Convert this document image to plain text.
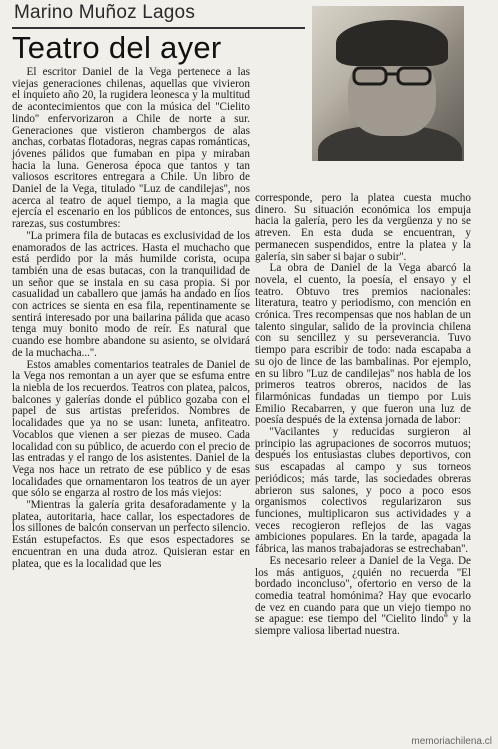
Marino Muñoz Lagos
Teatro del ayer

El escritor Daniel de la Vega pertenece a las viejas generaciones chilenas, aquellas que vivieron el inquieto año 20, la rugidera leonesca y la multitud de acontecimientos que con la música del ''Cielito lindo'' enfervorizaron a Chile de norte a sur. Generaciones que vistieron chambergos de alas anchas, corbatas flotadoras, negras capas románticas, jóvenes pálidos que fumaban en pipa y miraban hacia la luna. Generosa época que tantos y tan valiosos escritores entregara a Chile. Un libro de Daniel de la Vega, titulado ''Luz de candilejas'', nos acerca al teatro de aquel tiempo, a la magia que ejercía el escenario en los públicos de entonces, sus rarezas, sus costumbres:

''La primera fila de butacas es exclusividad de los enamorados de las actrices. Hasta el muchacho que está perdido por la más humilde corista, ocupa también una de esas butacas, con la tranquilidad de un señor que se instala en su casa propia. Si por casualidad un caballero que jamás ha andado en líos con actrices se sienta en esa fila, repentinamente se sentirá interesado por una bailarina pálida que acaso tenga muy bonito modo de reír. Es natural que cuando ese hombre abandone su asiento, se olvidará de la muchacha...''.

Estos amables comentarios teatrales de Daniel de la Vega nos remontan a un ayer que se esfuma entre la niebla de los recuerdos. Teatros con platea, palcos, balcones y galerías donde el público gozaba con el papel de sus artistas preferidos. Nombres de localidades que ya no se usan: luneta, anfiteatro. Vocablos que vienen a ser piezas de museo. Cada localidad con su público, de acuerdo con el precio de las entradas y el rango de los asistentes. Daniel de la Vega nos hace un retrato de ese público y de esas localidades que ornamentaron los teatros de un ayer que sólo se engarza al rostro de los más viejos:

''Mientras la galería grita desaforadamente y la platea, autoritaria, hace callar, los espectadores de los sillones de balcón conservan un perfecto silencio. Están estupefactos. Es que esos espectadores se encuentran en una duda atroz. Quisieran estar en platea, que es la localidad que les

corresponde, pero la platea cuesta mucho dinero. Su situación económica los empuja hacia la galería, pero les da vergüenza y no se atreven. En esta duda se encuentran, y permanecen suspendidos, entre la platea y la galería, sin saber si bajar o subir''.

La obra de Daniel de la Vega abarcó la novela, el cuento, la poesía, el ensayo y el teatro. Obtuvo tres premios nacionales: literatura, teatro y periodismo, con mención en crónica. Tres recompensas que nos hablan de un talento singular, salido de la provincia chilena con su sencillez y su perseverancia. Tuvo tiempo para escribir de todo: nada escapaba a su ojo de lince de las bambalinas. Por ejemplo, en su libro ''Luz de candilejas'' nos habla de los primeros teatros obreros, nacidos de las filarmónicas fundadas un tiempo por Luis Emilio Recabarren, y que fueron una luz de poesía después de la extensa jornada de labor:

''Vacilantes y reducidas surgieron al principio las agrupaciones de socorros mutuos; después los entusiastas clubes deportivos, con sus escapadas al campo y sus torneos periódicos; más tarde, las sociedades obreras abrieron sus salones, y poco a poco esos organismos colectivos regularizaron sus funciones, multiplicaron sus actividades y a veces recogieron reflejos de las vagas ambiciones populares. En la tarde, apagada la fábrica, las manos trabajadoras se estrechaban''.

Es necesario releer a Daniel de la Vega. De los más antiguos, ¿quién no recuerda ''El bordado inconcluso'', ofertorio en verso de la comedia teatral homónima? Hay que evocarlo de vez en cuando para que un viejo tiempo no se apague: ese tiempo del ''Cielito lindo'' y la siempre valiosa libertad nuestra.

memoriachilena.cl
